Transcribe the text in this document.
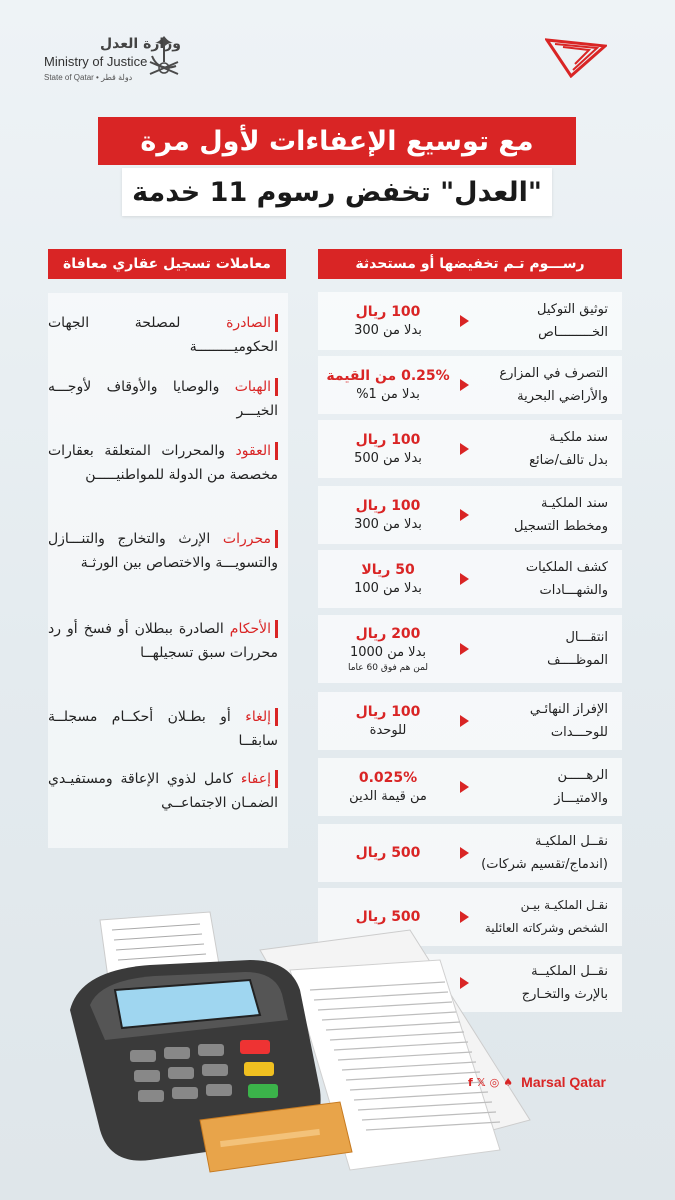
وزارة العدل
Ministry of Justice
State of Qatar • دولة قطر
مع توسيع الإعفاءات لأول مرة
"العدل" تخفض رسوم 11 خدمة
رســـوم تـم تخفيضها أو مستحدثة
معاملات تسجيل عقاري معافاة
الصادرة لمصلحة الجهات الحكوميـــــــــة
الهبات والوصايا والأوقاف لأوجـــه الخيـــر
العقود والمحررات المتعلقة بعقارات مخصصة من الدولة للمواطنيـــــن
محررات الإرث والتخارج والتنـــازل والتسويـــة والاختصاص بين الورثـة
الأحكام الصادرة ببطلان أو فسخ أو رد محررات سبق تسجيلهــا
إلغاء أو بطـلان أحكــام مسجلــة سابقــا
إعفاء كامل لذوي الإعاقة ومستفيـدي الضمـان الاجتماعــي
توثيق التوكيل
الخـــــــــاص
100 ريال
بدلا من 300
التصرف في المزارع
والأراضي البحرية
0.25% من القيمة
بدلا من 1%
سند ملكيـة
بدل تالف/ضائع
100 ريال
بدلا من 500
سند الملكيـة
ومخطط التسجيل
100 ريال
بدلا من 300
كشف الملكيات
والشهـــادات
50 ريالا
بدلا من 100
انتقـــال
الموظــــف
200 ريال
بدلا من 1000
لمن هم فوق 60 عاما
الإفراز النهائـي
للوحـــدات
100 ريال
للوحدة
الرهـــــن
والامتيـــاز
0.025%
من قيمة الدين
نقــل الملكيـة
(اندماج/تقسيم شركات)
500 ريال
نقـل الملكيـة بيـن
الشخص وشركاته العائلية
500 ريال
نقــل الملكيــة
بالإرث والتخـارج
f 𝕏 ◎ ♠ Marsal Qatar
